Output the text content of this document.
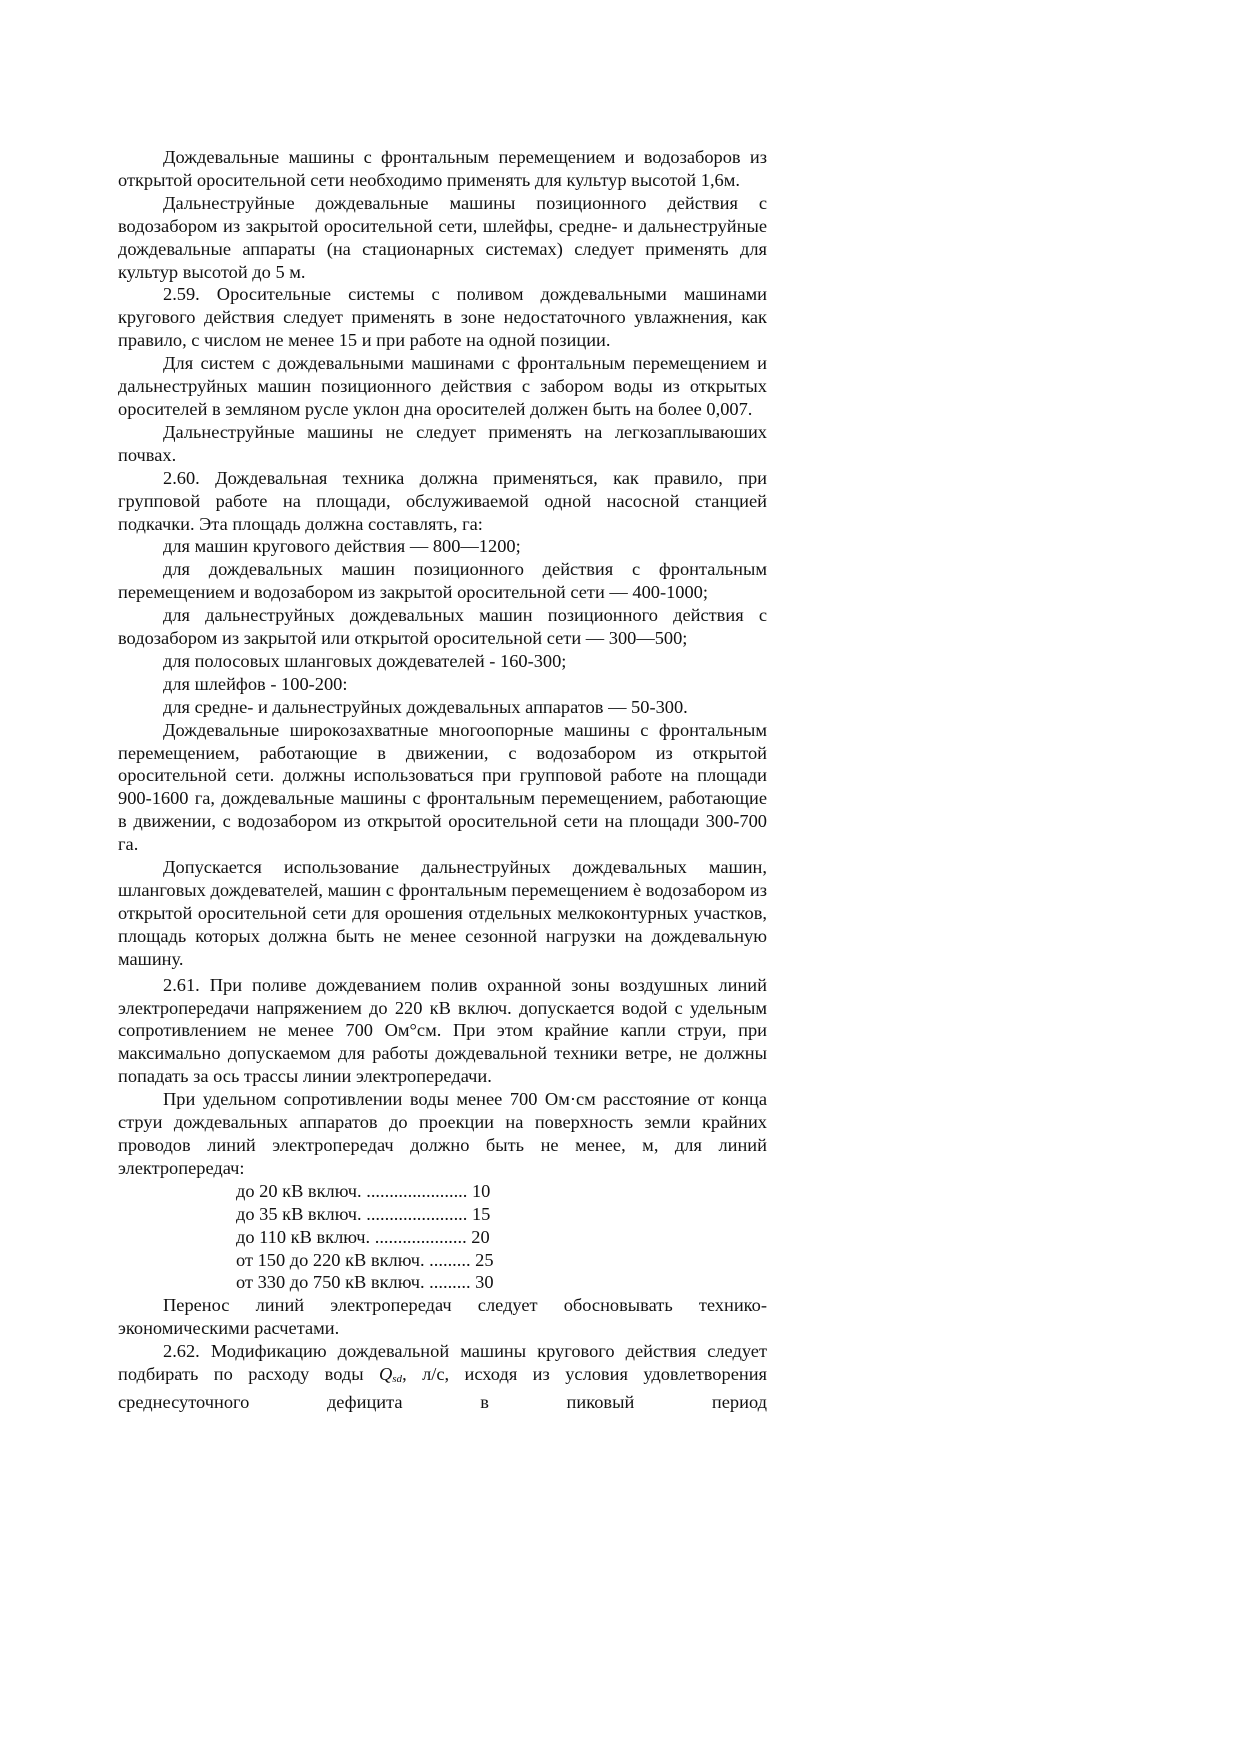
Дождевальные машины с фронтальным перемещением и водозаборов из открытой оросительной сети необходимо применять для культур высотой 1,6м.

Дальнеструйные дождевальные машины позиционного действия с водозабором из закрытой оросительной сети, шлейфы, средне- и дальнеструйные дождевальные аппараты (на стационарных системах) следует применять для культур высотой до 5 м.

2.59. Оросительные системы с поливом дождевальными машинами кругового действия следует применять в зоне недостаточного увлажнения, как правило, с числом не менее 15 и при работе на одной позиции.

Для систем с дождевальными машинами с фронтальным перемещением и дальнеструйных машин позиционного действия с забором воды из открытых оросителей в земляном русле уклон дна оросителей должен быть на более 0,007.

Дальнеструйные машины не следует применять на легкозаплываюших почвах.

2.60. Дождевальная техника должна применяться, как правило, при групповой работе на площади, обслуживаемой одной насосной станцией подкачки. Эта площадь должна составлять, га:

для машин кругового действия — 800—1200;

для дождевальных машин позиционного действия с фронтальным перемещением и водозабором из закрытой оросительной сети — 400-1000;

для дальнеструйных дождевальных машин позиционного действия с водозабором из закрытой или открытой оросительной сети — 300—500;

для полосовых шланговых дождевателей - 160-300;

для шлейфов - 100-200:

для средне- и дальнеструйных дождевальных аппаратов — 50-300.

Дождевальные широкозахватные многоопорные машины с фронтальным перемещением, работающие в движении, с водозабором из открытой оросительной сети. должны использоваться при групповой работе на площади 900-1600 га, дождевальные машины с фронтальным перемещением, работающие в движении, с водозабором из открытой оросительной сети на площади 300-700 га.

Допускается использование дальнеструйных дождевальных машин, шланговых дождевателей, машин с фронтальным перемещением è водозабором из открытой оросительной сети для орошения отдельных мелкоконтурных участков, площадь которых должна быть не менее сезонной нагрузки на дождевальную машину.

2.61. При поливе дождеванием полив охранной зоны воздушных линий электропередачи напряжением до 220 кВ включ. допускается водой с удельным сопротивлением не менее 700 Ом°см. При этом крайние капли струи, при максимально допускаемом для работы дождевальной техники ветре, не должны попадать за ось трассы линии электропередачи.

При удельном сопротивлении воды менее 700 Ом·см расстояние от конца струи дождевальных аппаратов до проекции на поверхность земли крайних проводов линий электропередач должно быть не менее, м, для линий электропередач:

до 20 кВ включ. ...................... 10
до 35 кВ включ. ...................... 15
до 110 кВ включ. .................... 20
от 150 до 220 кВ включ. ......... 25
от 330 до 750 кВ включ. ......... 30

Перенос линий электропередач следует обосновывать технико-экономическими расчетами.

2.62. Модификацию дождевальной машины кругового действия следует подбирать по расходу воды Qsd, л/с, исходя из условия удовлетворения среднесуточного дефицита в пиковый период
